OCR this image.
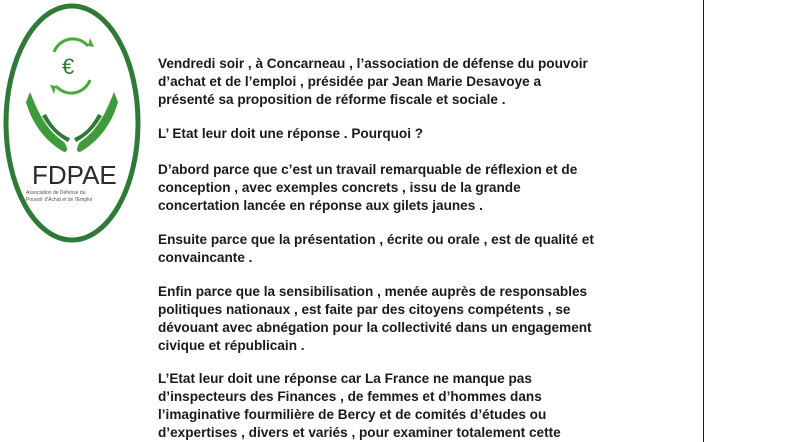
€
FDPAE
Association de Défense du
Pouvoir d'Achat et de l'Emploi

Vendredi soir , à Concarneau , l’association de défense du pouvoir
d’achat et de l’emploi , présidée par Jean Marie Desavoye a
présenté sa proposition de réforme fiscale et sociale .

L’ Etat leur doit une réponse . Pourquoi ?

D’abord parce que c’est un travail remarquable de réflexion et de
conception , avec exemples concrets , issu de la grande
concertation lancée en réponse aux gilets jaunes .

Ensuite parce que la présentation , écrite ou orale , est de qualité et
convaincante .

Enfin parce que la sensibilisation , menée auprès de responsables
politiques nationaux , est faite par des citoyens compétents , se
dévouant avec abnégation pour la collectivité dans un engagement
civique et républicain .

L’Etat leur doit une réponse car La France ne manque pas
d’inspecteurs des Finances , de femmes et d’hommes dans
l’imaginative fourmilière de Bercy et de comités d’études ou
d’expertises , divers et variés , pour examiner totalement cette
